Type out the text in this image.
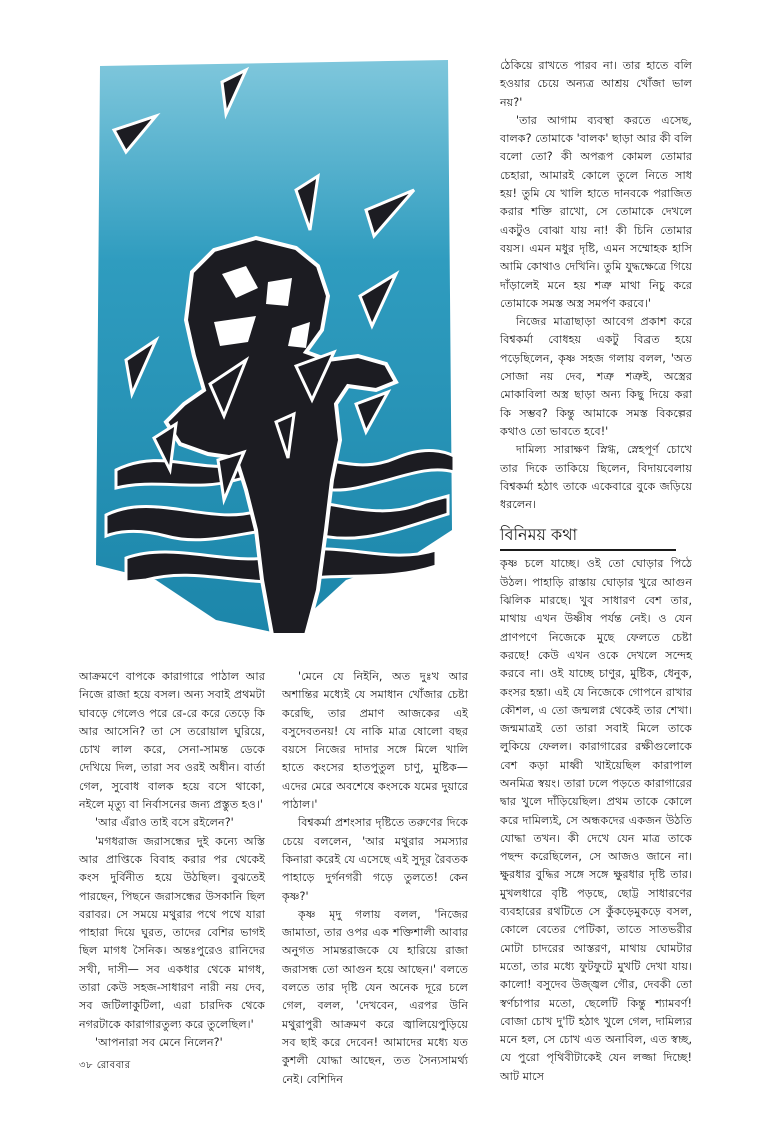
আক্রমণে বাপকে কারাগারে পাঠাল আর নিজে রাজা হয়ে বসল। অন্য সবাই প্রথমটা ঘাবড়ে গেলেও পরে রে-রে করে তেড়ে কি আর আসেনি? তা সে তরোয়াল ঘুরিয়ে, চোখ লাল করে, সেনা-সামন্ত ডেকে দেখিয়ে দিল, তারা সব ওরই অধীন। বার্তা গেল, সুবোধ বালক হয়ে বসে থাকো, নইলে মৃত্যু বা নির্বাসনের জন্য প্রস্তুত হও।'

'আর এঁরাও তাই বসে রইলেন?'

'মগধরাজ জরাসন্ধের দুই কন্যে অস্তি আর প্রাপ্তিকে বিবাহ করার পর থেকেই কংস দুর্বিনীত হয়ে উঠছিল। বুঝতেই পারছেন, পিছনে জরাসন্ধের উসকানি ছিল বরাবর। সে সময়ে মথুরার পথে পথে যারা পাহারা দিয়ে ঘুরত, তাদের বেশির ভাগই ছিল মাগধ সৈনিক। অন্তঃপুরেও রানিদের সখী, দাসী— সব একধার থেকে মাগধ, তারা কেউ সহজ-সাধারণ নারী নয় দেব, সব জটিলাকুটিলা, এরা চারদিক থেকে নগরটাকে কারাগারতুল্য করে তুলেছিল।'

'আপনারা সব মেনে নিলেন?'

'মেনে যে নিইনি, অত দুঃখ আর অশান্তির মধ্যেই যে সমাধান খোঁজার চেষ্টা করেছি, তার প্রমাণ আজকের এই বসুদেবতনয়! যে নাকি মাত্র ষোলো বছর বয়সে নিজের দাদার সঙ্গে মিলে খালি হাতে কংসের হাতপুতুল চাণু, মুষ্টিক— এদের মেরে অবশেষে কংসকে যমের দুয়ারে পাঠাল।'

বিশ্বকর্মা প্রশংসার দৃষ্টিতে তরুণের দিকে চেয়ে বললেন, 'আর মথুরার সমস্যার কিনারা করেই যে এসেছে এই সুদূর রৈবতক পাহাড়ে দুর্গনগরী গড়ে তুলতে! কেন কৃষ্ণ?'

কৃষ্ণ মৃদু গলায় বলল, 'নিজের জামাতা, তার ওপর এক শক্তিশালী আবার অনুগত সামন্তরাজকে যে হারিয়ে রাজা জরাসন্ধ তো আগুন হয়ে আছেন।' বলতে বলতে তার দৃষ্টি যেন অনেক দূরে চলে গেল, বলল, 'দেখবেন, এরপর উনি মথুরাপুরী আক্রমণ করে জ্বালিয়েপুড়িয়ে সব ছাই করে দেবেন! আমাদের মধ্যে যত কুশলী যোদ্ধা আছেন, তত সৈন্যসামর্থ্য নেই। বেশিদিন

ঠেকিয়ে রাখতে পারব না। তার হাতে বলি হওয়ার চেয়ে অন্যত্র আশ্রয় খোঁজা ভাল নয়?'

'তার আগাম ব্যবস্থা করতে এসেছ, বালক? তোমাকে 'বালক' ছাড়া আর কী বলি বলো তো? কী অপরূপ কোমল তোমার চেহারা, আমারই কোলে তুলে নিতে সাধ হয়! তুমি যে খালি হাতে দানবকে পরাজিত করার শক্তি রাখো, সে তোমাকে দেখলে একটুও বোঝা যায় না! কী চিনি তোমার বয়স। এমন মধুর দৃষ্টি, এমন সম্মোহক হাসি আমি কোথাও দেখিনি। তুমি যুদ্ধক্ষেত্রে গিয়ে দাঁড়ালেই মনে হয় শত্রু মাথা নিচু করে তোমাকে সমস্ত অস্ত্র সমর্পণ করবে।'

নিজের মাত্রাছাড়া আবেগ প্রকাশ করে বিশ্বকর্মা বোধহয় একটু বিব্রত হয়ে পড়েছিলেন, কৃষ্ণ সহজ গলায় বলল, 'অত সোজা নয় দেব, শত্রু শত্রুই, অস্ত্রের মোকাবিলা অস্ত্র ছাড়া অন্য কিছু দিয়ে করা কি সম্ভব? কিন্তু আমাকে সমস্ত বিকল্পের কথাও তো ভাবতে হবে!'

দামিল্য সারাক্ষণ স্নিগ্ধ, স্নেহপূর্ণ চোখে তার দিকে তাকিয়ে ছিলেন, বিদায়বেলায় বিশ্বকর্মা হঠাৎ তাকে একেবারে বুকে জড়িয়ে ধরলেন।

বিনিময় কথা

কৃষ্ণ চলে যাচ্ছে। ওই তো ঘোড়ার পিঠে উঠল। পাহাড়ি রাস্তায় ঘোড়ার খুরে আগুন ঝিলিক মারছে। খুব সাধারণ বেশ তার, মাথায় এখন উষ্ণীষ পর্যন্ত নেই। ও যেন প্রাণপণে নিজেকে মুছে ফেলতে চেষ্টা করছে! কেউ এখন ওকে দেখলে সন্দেহ করবে না। ওই যাচ্ছে চাণুর, মুষ্টিক, ধেনুক, কংসর হন্তা। এই যে নিজেকে গোপনে রাখার কৌশল, এ তো জন্মলগ্ন থেকেই তার শেখা। জন্মমাত্রই তো তারা সবাই মিলে তাকে লুকিয়ে ফেলল। কারাগারের রক্ষীগুলোকে বেশ কড়া মাধ্বী খাইয়েছিল কারাপাল অনমিত্র স্বয়ং। তারা ঢলে পড়তে কারাগারের দ্বার খুলে দাঁড়িয়েছিল। প্রথম তাকে কোলে করে দামিল্যই, সে অন্ধকদের একজন উঠতি যোদ্ধা তখন। কী দেখে যেন মাত্র তাকে পছন্দ করেছিলেন, সে আজও জানে না। ক্ষুরধার বুদ্ধির সঙ্গে সঙ্গে ক্ষুরধার দৃষ্টি তার। মুখলধারে বৃষ্টি পড়ছে, ছোট্ট সাধারণের ব্যবহারের রথটিতে সে কুঁকড়েমুকড়ে বসল, কোলে বেতের পেটিকা, তাতে সাতভরীর মোটা চাদরের আস্তরণ, মাথায় ঘোমটার মতো, তার মধ্যে ফুটফুটে মুখটি দেখা যায়। কালো! বসুদেব উজ্জ্বল গৌর, দেবকী তো স্বর্ণচাপার মতো, ছেলেটি কিন্তু শ্যামবর্ণ! বোজা চোখ দু'টি হঠাৎ খুলে গেল, দামিল্যর মনে হল, সে চোখ এত অনাবিল, এত স্বচ্ছ, যে পুরো পৃথিবীটাকেই যেন লজ্জা দিচ্ছে! আট মাসে

৩৮ রোববার
